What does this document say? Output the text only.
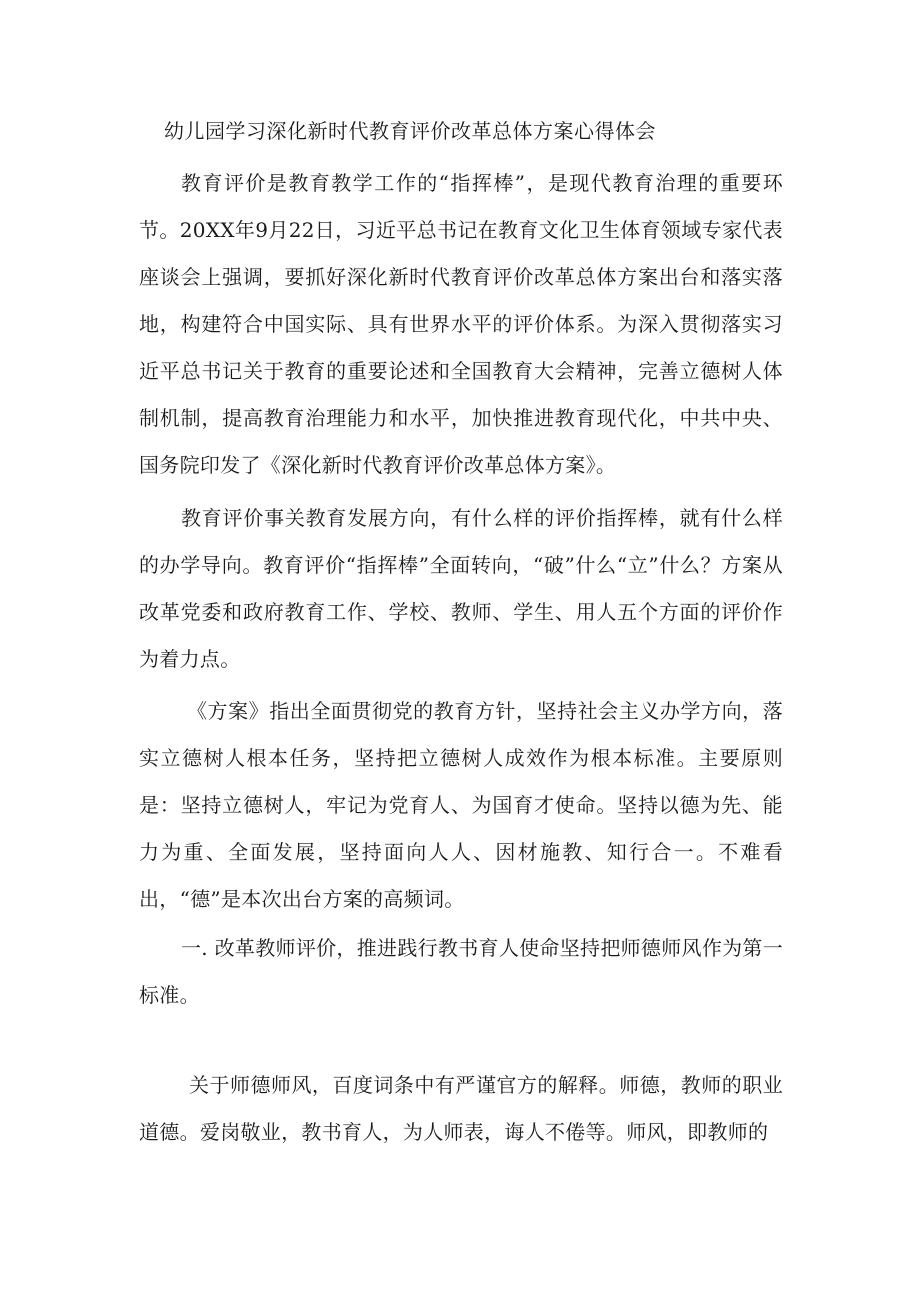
幼儿园学习深化新时代教育评价改革总体方案心得体会

教育评价是教育教学工作的“指挥棒”，是现代教育治理的重要环节。20XX年9月22日，习近平总书记在教育文化卫生体育领域专家代表座谈会上强调，要抓好深化新时代教育评价改革总体方案出台和落实落地，构建符合中国实际、具有世界水平的评价体系。为深入贯彻落实习近平总书记关于教育的重要论述和全国教育大会精神，完善立德树人体制机制，提高教育治理能力和水平，加快推进教育现代化，中共中央、国务院印发了《深化新时代教育评价改革总体方案》。

教育评价事关教育发展方向，有什么样的评价指挥棒，就有什么样的办学导向。教育评价“指挥棒”全面转向，“破”什么“立”什么？方案从改革党委和政府教育工作、学校、教师、学生、用人五个方面的评价作为着力点。

《方案》指出全面贯彻党的教育方针，坚持社会主义办学方向，落实立德树人根本任务，坚持把立德树人成效作为根本标准。主要原则是：坚持立德树人，牢记为党育人、为国育才使命。坚持以德为先、能力为重、全面发展，坚持面向人人、因材施教、知行合一。不难看出，“德”是本次出台方案的高频词。

一. 改革教师评价，推进践行教书育人使命坚持把师德师风作为第一标准。

关于师德师风，百度词条中有严谨官方的解释。师德，教师的职业道德。爱岗敬业，教书育人，为人师表，诲人不倦等。师风，即教师的
